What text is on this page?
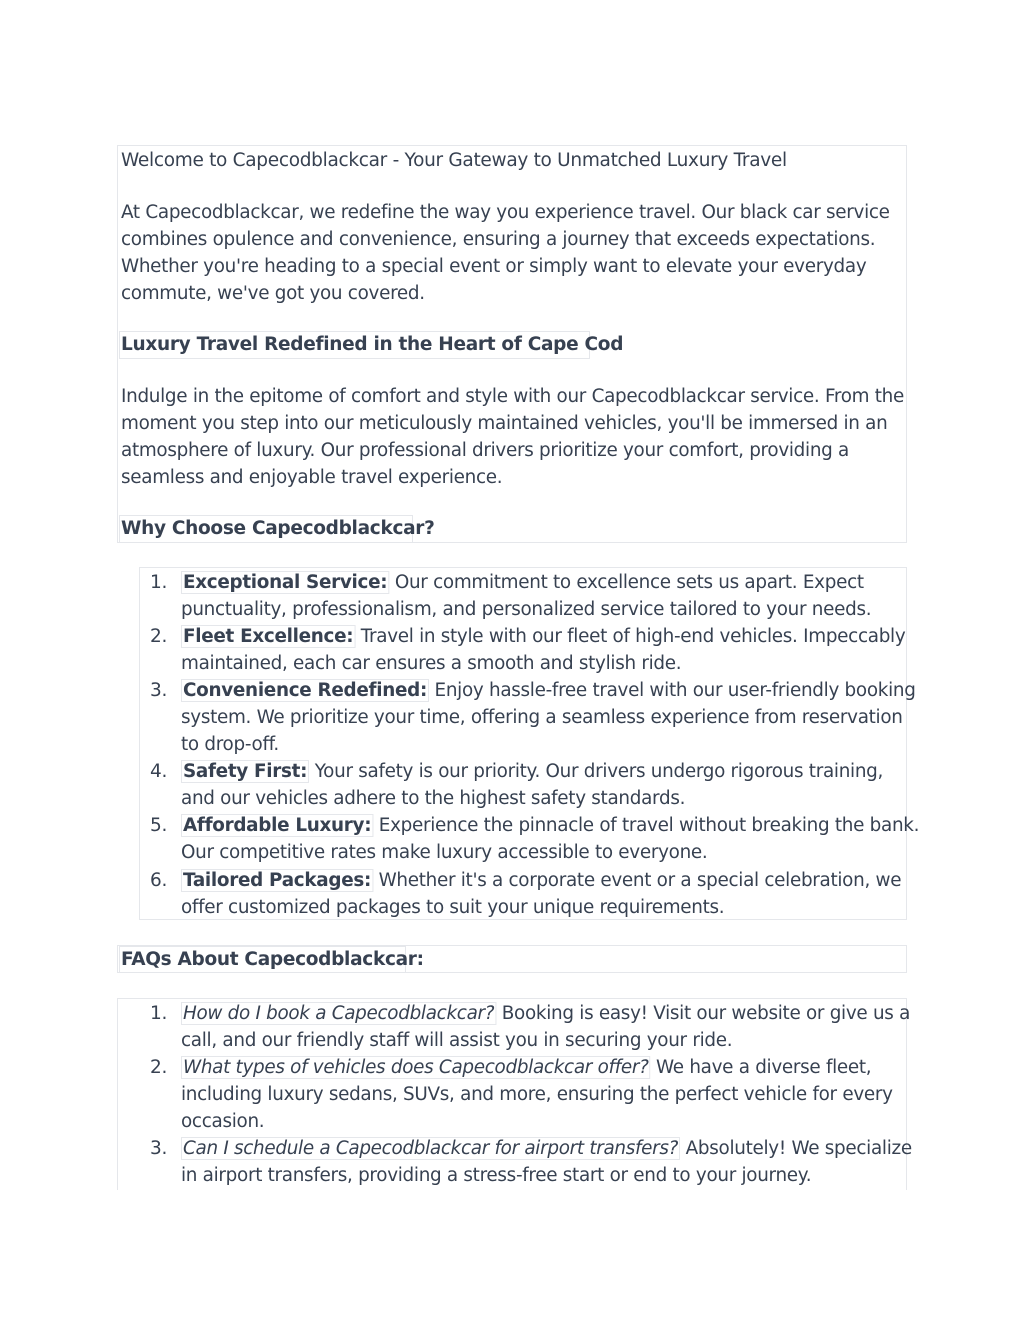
Welcome to Capecodblackcar - Your Gateway to Unmatched Luxury Travel
At Capecodblackcar, we redefine the way you experience travel. Our black car service
combines opulence and convenience, ensuring a journey that exceeds expectations.
Whether you're heading to a special event or simply want to elevate your everyday
commute, we've got you covered.
Luxury Travel Redefined in the Heart of Cape Cod
Indulge in the epitome of comfort and style with our Capecodblackcar service. From the
moment you step into our meticulously maintained vehicles, you'll be immersed in an
atmosphere of luxury. Our professional drivers prioritize your comfort, providing a
seamless and enjoyable travel experience.
Why Choose Capecodblackcar?
1. Exceptional Service: Our commitment to excellence sets us apart. Expect
punctuality, professionalism, and personalized service tailored to your needs.
2. Fleet Excellence: Travel in style with our fleet of high-end vehicles. Impeccably
maintained, each car ensures a smooth and stylish ride.
3. Convenience Redefined: Enjoy hassle-free travel with our user-friendly booking
system. We prioritize your time, offering a seamless experience from reservation
to drop-off.
4. Safety First: Your safety is our priority. Our drivers undergo rigorous training,
and our vehicles adhere to the highest safety standards.
5. Affordable Luxury: Experience the pinnacle of travel without breaking the bank.
Our competitive rates make luxury accessible to everyone.
6. Tailored Packages: Whether it's a corporate event or a special celebration, we
offer customized packages to suit your unique requirements.
FAQs About Capecodblackcar:
1. How do I book a Capecodblackcar? Booking is easy! Visit our website or give us a
call, and our friendly staff will assist you in securing your ride.
2. What types of vehicles does Capecodblackcar offer? We have a diverse fleet,
including luxury sedans, SUVs, and more, ensuring the perfect vehicle for every
occasion.
3. Can I schedule a Capecodblackcar for airport transfers? Absolutely! We specialize
in airport transfers, providing a stress-free start or end to your journey.
